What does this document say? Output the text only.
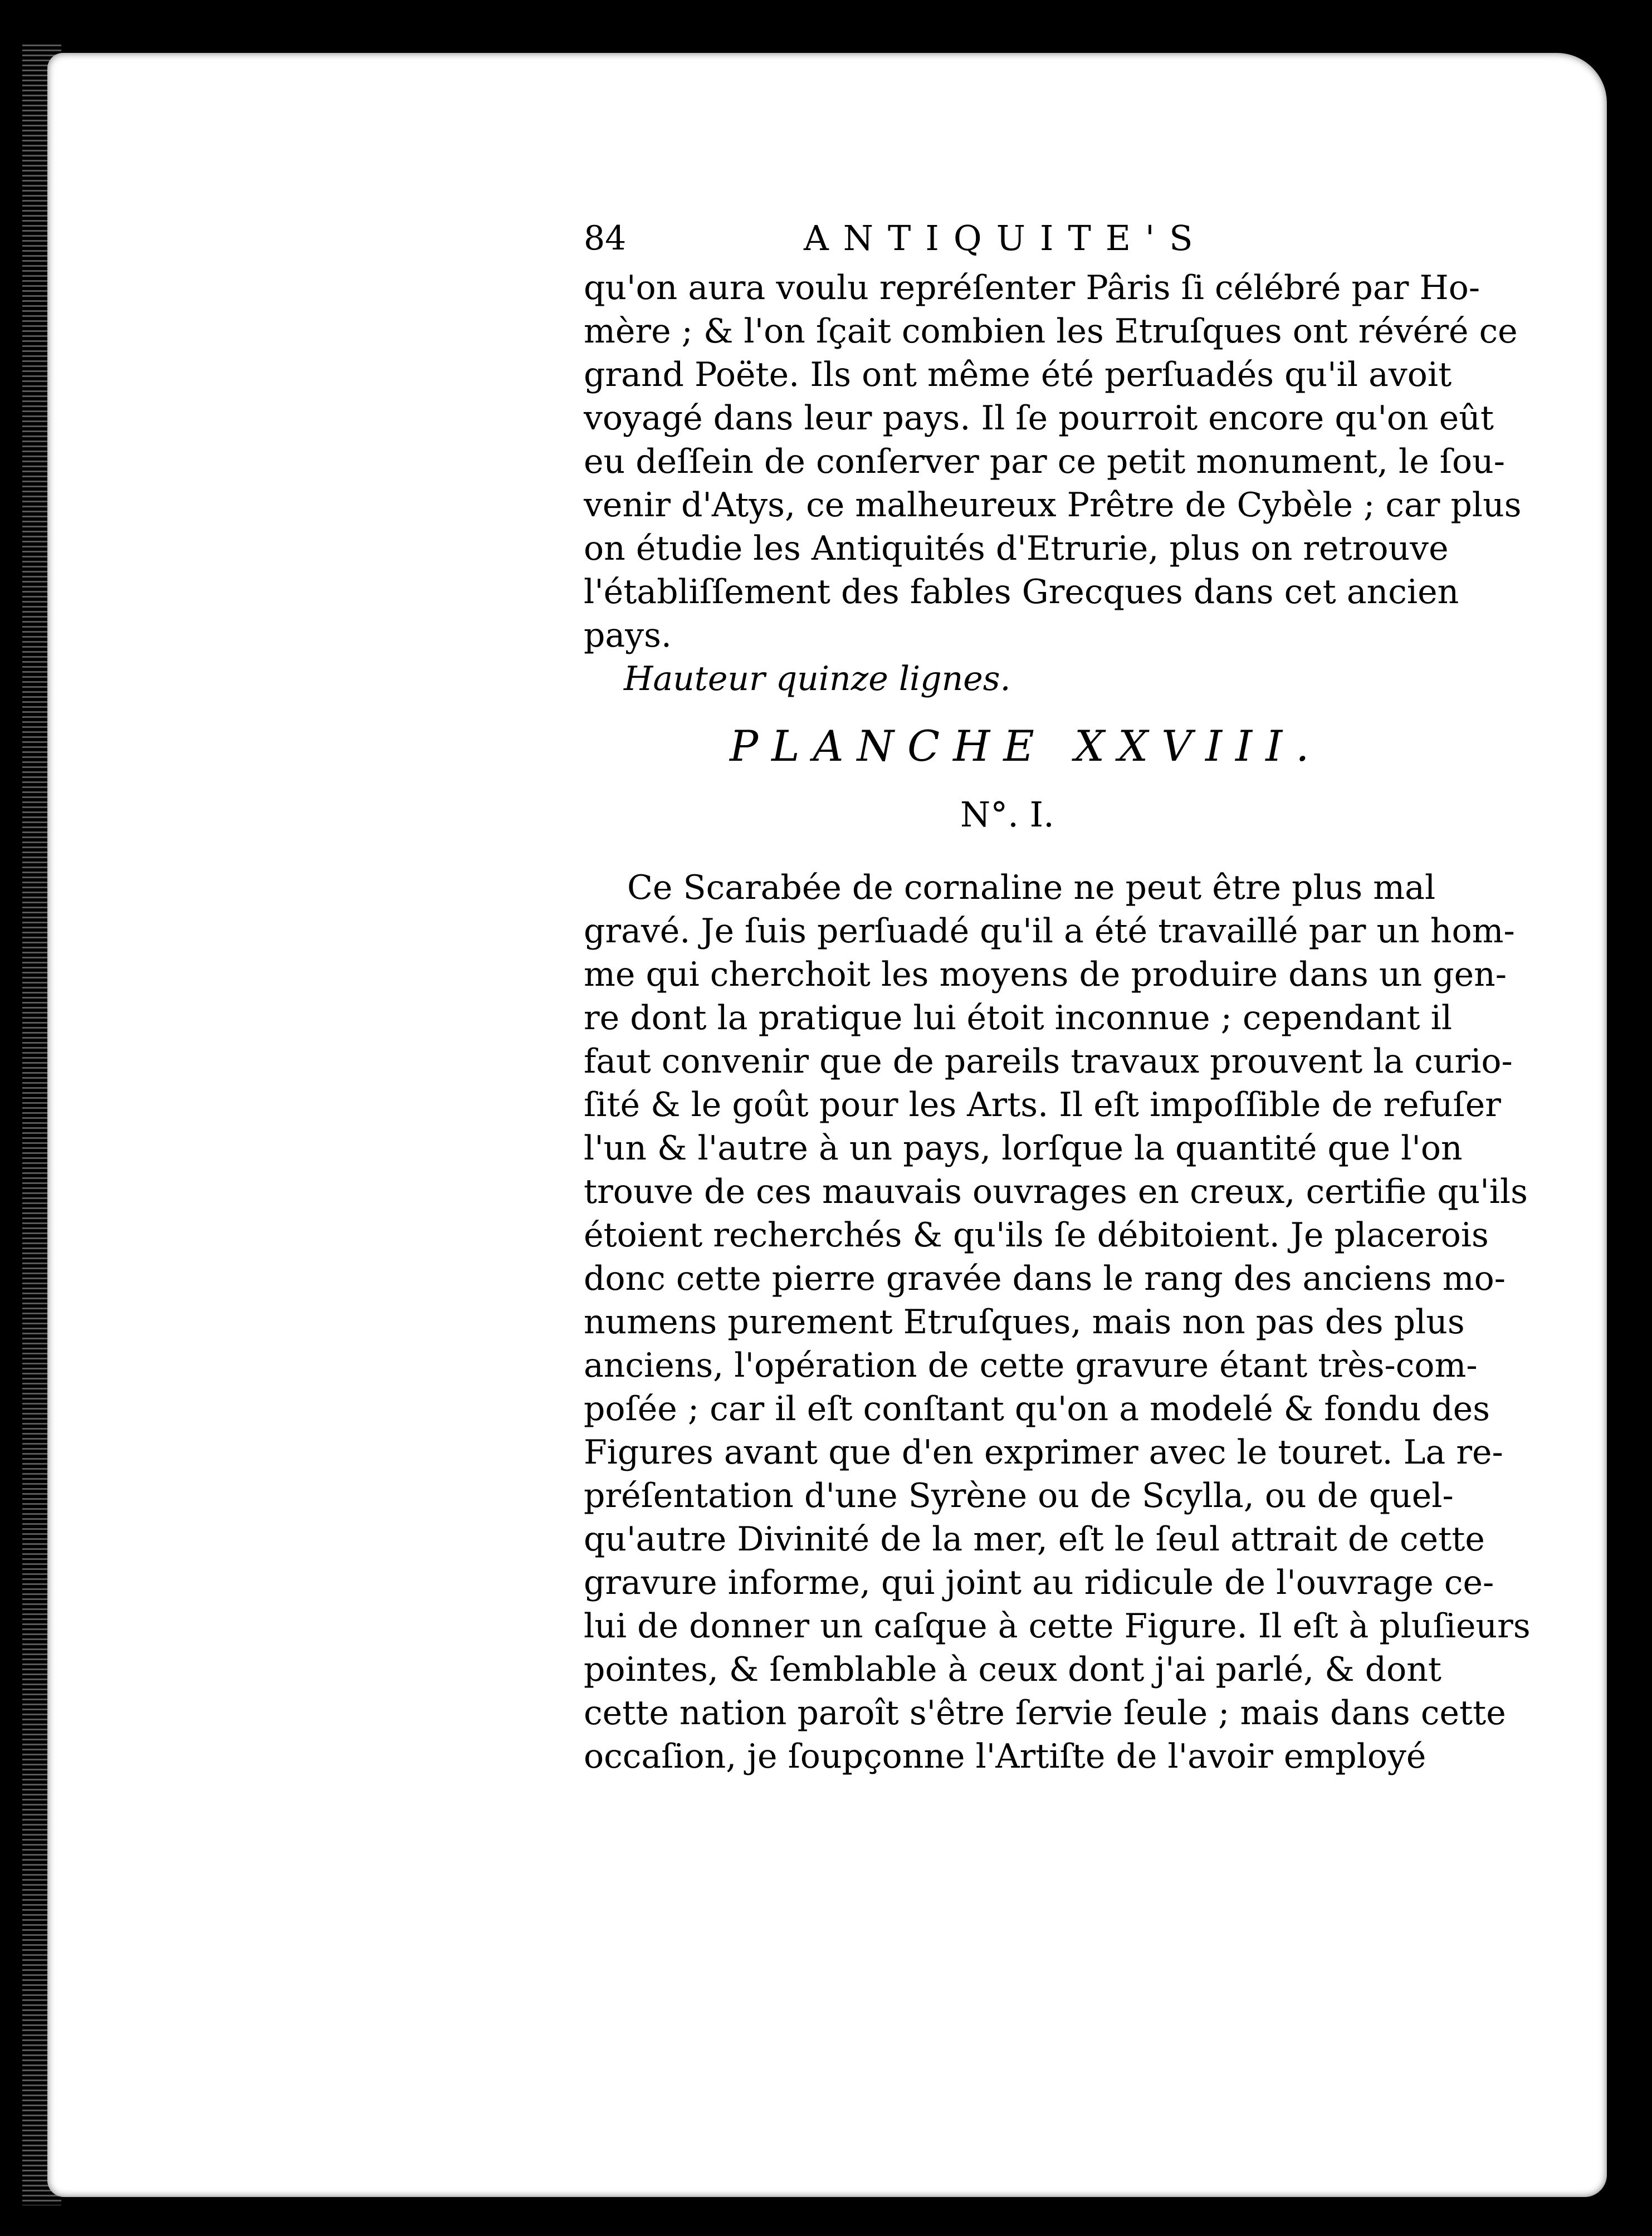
84	ANTIQUITE'S
qu'on aura voulu repréſenter Pâris ſi célébré par Ho-
mère ; & l'on ſçait combien les Etruſques ont révéré ce
grand Poëte. Ils ont même été perſuadés qu'il avoit
voyagé dans leur pays. Il ſe pourroit encore qu'on eût
eu deſſein de conſerver par ce petit monument, le ſou-
venir d'Atys, ce malheureux Prêtre de Cybèle ; car plus
on étudie les Antiquités d'Etrurie, plus on retrouve
l'établiſſement des fables Grecques dans cet ancien
pays.
Hauteur quinze lignes.
PLANCHE XXVIII.
N°. I.
Ce Scarabée de cornaline ne peut être plus mal
gravé. Je ſuis perſuadé qu'il a été travaillé par un hom-
me qui cherchoit les moyens de produire dans un gen-
re dont la pratique lui étoit inconnue ; cependant il
faut convenir que de pareils travaux prouvent la curio-
ſité & le goût pour les Arts. Il eſt impoſſible de refuſer
l'un & l'autre à un pays, lorſque la quantité que l'on
trouve de ces mauvais ouvrages en creux, certifie qu'ils
étoient recherchés & qu'ils ſe débitoient. Je placerois
donc cette pierre gravée dans le rang des anciens mo-
numens purement Etruſques, mais non pas des plus
anciens, l'opération de cette gravure étant très-com-
poſée ; car il eſt conſtant qu'on a modelé & fondu des
Figures avant que d'en exprimer avec le touret. La re-
préſentation d'une Syrène ou de Scylla, ou de quel-
qu'autre Divinité de la mer, eſt le ſeul attrait de cette
gravure informe, qui joint au ridicule de l'ouvrage ce-
lui de donner un caſque à cette Figure. Il eſt à pluſieurs
pointes, & ſemblable à ceux dont j'ai parlé, & dont
cette nation paroît s'être ſervie ſeule ; mais dans cette
occaſion, je ſoupçonne l'Artiſte de l'avoir employé
